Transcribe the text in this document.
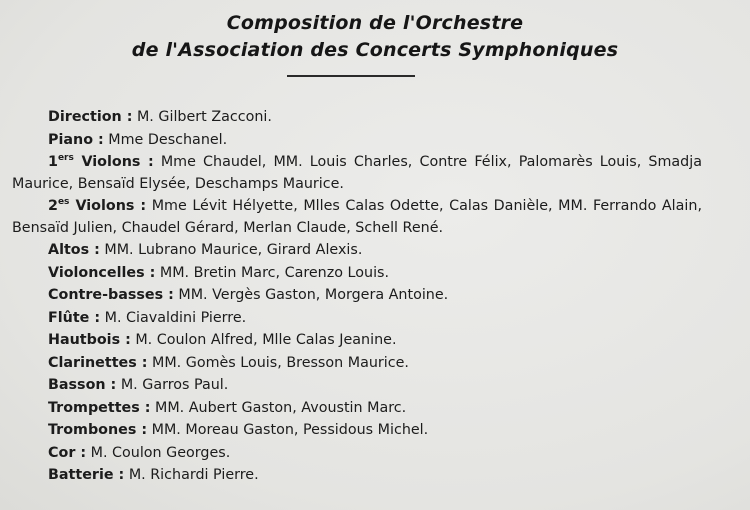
Composition de l'Orchestre
de l'Association des Concerts Symphoniques

Direction : M. Gilbert Zacconi.

Piano : Mme Deschanel.

1ers Violons : Mme Chaudel, MM. Louis Charles, Contre Félix, Palomarès Louis, Smadja Maurice, Bensaïd Elysée, Deschamps Maurice.

$2^{es}$ Violons : Mme Lévit Hélyette, Mlles Calas Odette, Calas Danièle, MM. Ferrando Alain, Bensaïd Julien, Chaudel Gérard, Merlan Claude, Schell René.

Altos : MM. Lubrano Maurice, Girard Alexis.

Violoncelles : MM. Bretin Marc, Carenzo Louis.

Contre-basses : MM. Vergès Gaston, Morgera Antoine.

Flûte : M. Ciavaldini Pierre.

Hautbois : M. Coulon Alfred, Mlle Calas Jeanine.

Clarinettes : MM. Gomès Louis, Bresson Maurice.

Basson : M. Garros Paul.

Trompettes : MM. Aubert Gaston, Avoustin Marc.

Trombones : MM. Moreau Gaston, Pessidous Michel.

Cor : M. Coulon Georges.

Batterie : M. Richardi Pierre.
